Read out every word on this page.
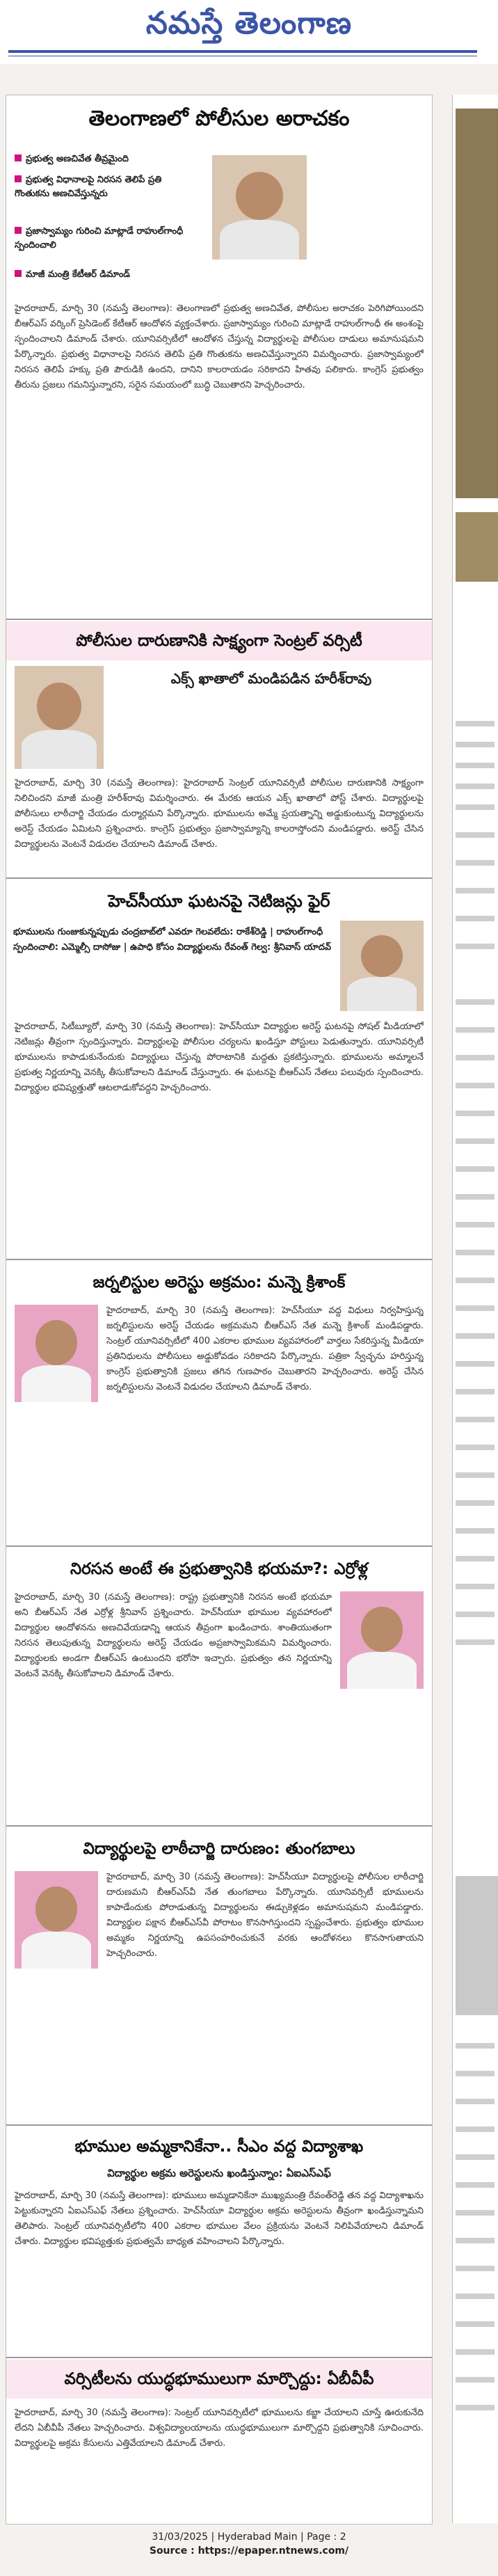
నమస్తే తెలంగాణ
తెలంగాణలో పోలీసుల అరాచకం
ప్రభుత్వ అణచివేత తీవ్రమైంది
ప్రభుత్వ విధానాలపై నిరసన తెలిపే ప్రతి గొంతుకను అణచివేస్తున్నరు
ప్రజాస్వామ్యం గురించి మాట్లాడే రాహుల్‌గాంధీ స్పందించాలి
మాజీ మంత్రి కేటీఆర్ డిమాండ్

హైదరాబాద్, మార్చి 30 (నమస్తే తెలంగాణ): తెలంగాణలో ప్రభుత్వ అణచివేత, పోలీసుల అరాచకం పెరిగిపోయిందని బీఆర్‌ఎస్ వర్కింగ్ ప్రెసిడెంట్ కేటీఆర్ ఆందోళన వ్యక్తంచేశారు. ప్రజాస్వామ్యం గురించి మాట్లాడే రాహుల్‌గాంధీ ఈ అంశంపై స్పందించాలని డిమాండ్ చేశారు. యూనివర్సిటీలో ఆందోళన చేస్తున్న విద్యార్థులపై పోలీసుల దాడులు అమానుషమని పేర్కొన్నారు. ప్రభుత్వ విధానాలపై నిరసన తెలిపే ప్రతి గొంతుకను అణచివేస్తున్నారని విమర్శించారు. ప్రజాస్వామ్యంలో నిరసన తెలిపే హక్కు ప్రతి పౌరుడికి ఉందని, దానిని కాలరాయడం సరికాదని హితవు పలికారు. కాంగ్రెస్ ప్రభుత్వం తీరును ప్రజలు గమనిస్తున్నారని, సరైన సమయంలో బుద్ధి చెబుతారని హెచ్చరించారు.

పోలీసుల దారుణానికి సాక్ష్యంగా సెంట్రల్ వర్సిటీ
ఎక్స్ ఖాతాలో మండిపడిన హరీశ్‌రావు

హైదరాబాద్, మార్చి 30 (నమస్తే తెలంగాణ): హైదరాబాద్ సెంట్రల్ యూనివర్సిటీ పోలీసుల దారుణానికి సాక్ష్యంగా నిలిచిందని మాజీ మంత్రి హరీశ్‌రావు విమర్శించారు. ఈ మేరకు ఆయన ఎక్స్ ఖాతాలో పోస్ట్ చేశారు. విద్యార్థులపై పోలీసులు లాఠీచార్జి చేయడం దుర్మార్గమని పేర్కొన్నారు. భూములను అమ్మే ప్రయత్నాన్ని అడ్డుకుంటున్న విద్యార్థులను అరెస్ట్ చేయడం ఏమిటని ప్రశ్నించారు. కాంగ్రెస్ ప్రభుత్వం ప్రజాస్వామ్యాన్ని కాలరాస్తోందని మండిపడ్డారు. అరెస్ట్ చేసిన విద్యార్థులను వెంటనే విడుదల చేయాలని డిమాండ్ చేశారు.

హెచ్‌సీయూ ఘటనపై నెటిజన్లు ఫైర్
భూములను గుంజుకున్నప్పుడు చంద్రబాబ్‌లో ఎవరూ గెలవలేదు: రాకేశ్‌రెడ్డి | రాహుల్‌గాంధీ స్పందించాలి: ఎమ్మెల్సీ దాసోజు | ఉపాధి కోసం విద్యార్థులను రేవంత్ గెల్వ: శ్రీనివాస్ యాదవ్

హైదరాబాద్, సిటీబ్యూరో, మార్చి 30 (నమస్తే తెలంగాణ): హెచ్‌సీయూ విద్యార్థుల అరెస్ట్ ఘటనపై సోషల్ మీడియాలో నెటిజన్లు తీవ్రంగా స్పందిస్తున్నారు. విద్యార్థులపై పోలీసుల చర్యలను ఖండిస్తూ పోస్టులు పెడుతున్నారు. యూనివర్సిటీ భూములను కాపాడుకునేందుకు విద్యార్థులు చేస్తున్న పోరాటానికి మద్దతు ప్రకటిస్తున్నారు. భూములను అమ్మాలనే ప్రభుత్వ నిర్ణయాన్ని వెనక్కి తీసుకోవాలని డిమాండ్ చేస్తున్నారు. ఈ ఘటనపై బీఆర్‌ఎస్ నేతలు పలువురు స్పందించారు. విద్యార్థుల భవిష్యత్తుతో ఆటలాడుకోవద్దని హెచ్చరించారు.

జర్నలిస్టుల అరెస్టు అక్రమం: మన్నె క్రిశాంక్

హైదరాబాద్, మార్చి 30 (నమస్తే తెలంగాణ): హెచ్‌సీయూ వద్ద విధులు నిర్వహిస్తున్న జర్నలిస్టులను అరెస్ట్ చేయడం అక్రమమని బీఆర్‌ఎస్ నేత మన్నె క్రిశాంక్ మండిపడ్డారు. సెంట్రల్ యూనివర్సిటీలో 400 ఎకరాల భూముల వ్యవహారంలో వార్తలు సేకరిస్తున్న మీడియా ప్రతినిధులను పోలీసులు అడ్డుకోవడం సరికాదని పేర్కొన్నారు. పత్రికా స్వేచ్ఛను హరిస్తున్న కాంగ్రెస్ ప్రభుత్వానికి ప్రజలు తగిన గుణపాఠం చెబుతారని హెచ్చరించారు. అరెస్ట్ చేసిన జర్నలిస్టులను వెంటనే విడుదల చేయాలని డిమాండ్ చేశారు.

నిరసన అంటే ఈ ప్రభుత్వానికి భయమా?: ఎర్రోళ్ల

హైదరాబాద్, మార్చి 30 (నమస్తే తెలంగాణ): రాష్ట్ర ప్రభుత్వానికి నిరసన అంటే భయమా అని బీఆర్‌ఎస్ నేత ఎర్రోళ్ల శ్రీనివాస్ ప్రశ్నించారు. హెచ్‌సీయూ భూముల వ్యవహారంలో విద్యార్థుల ఆందోళనను అణచివేయడాన్ని ఆయన తీవ్రంగా ఖండించారు. శాంతియుతంగా నిరసన తెలుపుతున్న విద్యార్థులను అరెస్ట్ చేయడం అప్రజాస్వామికమని విమర్శించారు. విద్యార్థులకు అండగా బీఆర్‌ఎస్ ఉంటుందని భరోసా ఇచ్చారు. ప్రభుత్వం తన నిర్ణయాన్ని వెంటనే వెనక్కి తీసుకోవాలని డిమాండ్ చేశారు.

విద్యార్థులపై లాఠీచార్జి దారుణం: తుంగబాలు

హైదరాబాద్, మార్చి 30 (నమస్తే తెలంగాణ): హెచ్‌సీయూ విద్యార్థులపై పోలీసుల లాఠీచార్జి దారుణమని బీఆర్‌ఎస్‌వీ నేత తుంగబాలు పేర్కొన్నారు. యూనివర్సిటీ భూములను కాపాడేందుకు పోరాడుతున్న విద్యార్థులను ఈడ్చుకెళ్లడం అమానుషమని మండిపడ్డారు. విద్యార్థుల పక్షాన బీఆర్‌ఎస్‌వీ పోరాటం కొనసాగిస్తుందని స్పష్టంచేశారు. ప్రభుత్వం భూముల అమ్మకం నిర్ణయాన్ని ఉపసంహరించుకునే వరకు ఆందోళనలు కొనసాగుతాయని హెచ్చరించారు.

భూముల అమ్మకానికేనా.. సీఎం వద్ద విద్యాశాఖ
విద్యార్థుల అక్రమ అరెస్టులను ఖండిస్తున్నాం: ఏఐఎస్‌ఎఫ్

హైదరాబాద్, మార్చి 30 (నమస్తే తెలంగాణ): భూములు అమ్మడానికేనా ముఖ్యమంత్రి రేవంత్‌రెడ్డి తన వద్ద విద్యాశాఖను పెట్టుకున్నారని ఏఐఎస్‌ఎఫ్ నేతలు ప్రశ్నించారు. హెచ్‌సీయూ విద్యార్థుల అక్రమ అరెస్టులను తీవ్రంగా ఖండిస్తున్నామని తెలిపారు. సెంట్రల్ యూనివర్సిటీలోని 400 ఎకరాల భూముల వేలం ప్రక్రియను వెంటనే నిలిపివేయాలని డిమాండ్ చేశారు. విద్యార్థుల భవిష్యత్తుకు ప్రభుత్వమే బాధ్యత వహించాలని పేర్కొన్నారు.

వర్సిటీలను యుద్ధభూములుగా మార్చొద్దు: ఏబీవీపీ

హైదరాబాద్, మార్చి 30 (నమస్తే తెలంగాణ): సెంట్రల్ యూనివర్సిటీలో భూములను కబ్జా చేయాలని చూస్తే ఊరుకునేది లేదని ఏబీవీపీ నేతలు హెచ్చరించారు. విశ్వవిద్యాలయాలను యుద్ధభూములుగా మార్చొద్దని ప్రభుత్వానికి సూచించారు. విద్యార్థులపై అక్రమ కేసులను ఎత్తివేయాలని డిమాండ్ చేశారు.

31/03/2025 | Hyderabad Main | Page : 2
Source : https://epaper.ntnews.com/
